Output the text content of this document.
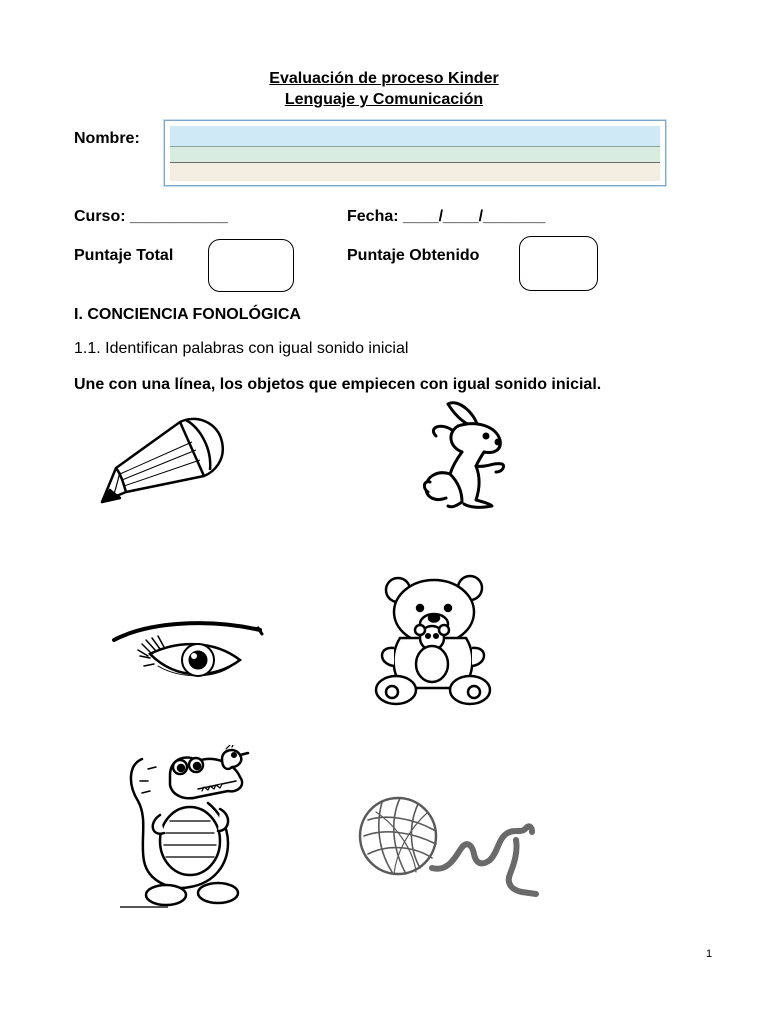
Evaluación de proceso Kinder
Lenguaje y Comunicación
Nombre:
Curso: ___________	Fecha: ____/____/_______
Puntaje Total	Puntaje Obtenido
I. CONCIENCIA FONOLÓGICA
1.1. Identifican palabras con igual sonido inicial
Une con una línea, los objetos que empiecen con igual sonido inicial.
1
